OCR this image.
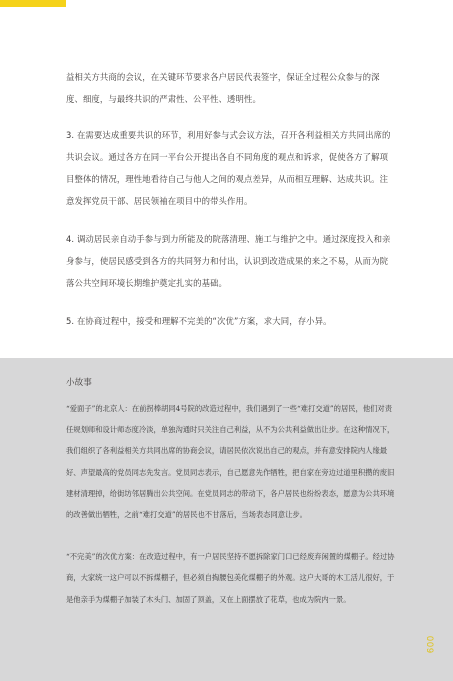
益相关方共商的会议，在关键环节要求各户居民代表签字，保证全过程公众参与的深度、细度，与最终共识的严肃性、公平性、透明性。

3. 在需要达成重要共识的环节，利用好参与式会议方法，召开各利益相关方共同出席的共识会议。通过各方在同一平台公开提出各自不同角度的观点和诉求，促使各方了解项目整体的情况，理性地看待自己与他人之间的观点差异，从而相互理解、达成共识。注意发挥党员干部、居民领袖在项目中的带头作用。

4. 调动居民亲自动手参与到力所能及的院落清理、施工与维护之中。通过深度投入和亲身参与，使居民感受到各方的共同努力和付出，认识到改造成果的来之不易，从而为院落公共空间环境长期维护奠定扎实的基础。

5. 在协商过程中，接受和理解不完美的“次优”方案，求大同，存小异。

小故事

“爱面子”的北京人：在前拐棒胡同4号院的改造过程中，我们遇到了一些“难打交道”的居民，他们对责任规划师和设计师态度冷淡，单独沟通时只关注自己利益，从不为公共利益做出让步。在这种情况下，我们组织了各利益相关方共同出席的协商会议，请居民依次说出自己的观点，并有意安排院内人缘最好、声望最高的党员同志先发言。党员同志表示，自己愿意先作牺牲，把自家在旁边过道里积攒的废旧建材清理掉，给街坊邻居腾出公共空间。在党员同志的带动下，各户居民也纷纷表态，愿意为公共环境的改善做出牺牲，之前“难打交道”的居民也不甘落后，当场表态同意让步。

“不完美”的次优方案：在改造过程中，有一户居民坚持不愿拆除家门口已经废弃闲置的煤棚子。经过协商，大家统一这户可以不拆煤棚子，但必须自掏腰包美化煤棚子的外观。这户大哥的木工活儿很好，于是他亲手为煤棚子加装了木头门、加固了顶盖，又在上面摆放了花草，也成为院内一景。

009
